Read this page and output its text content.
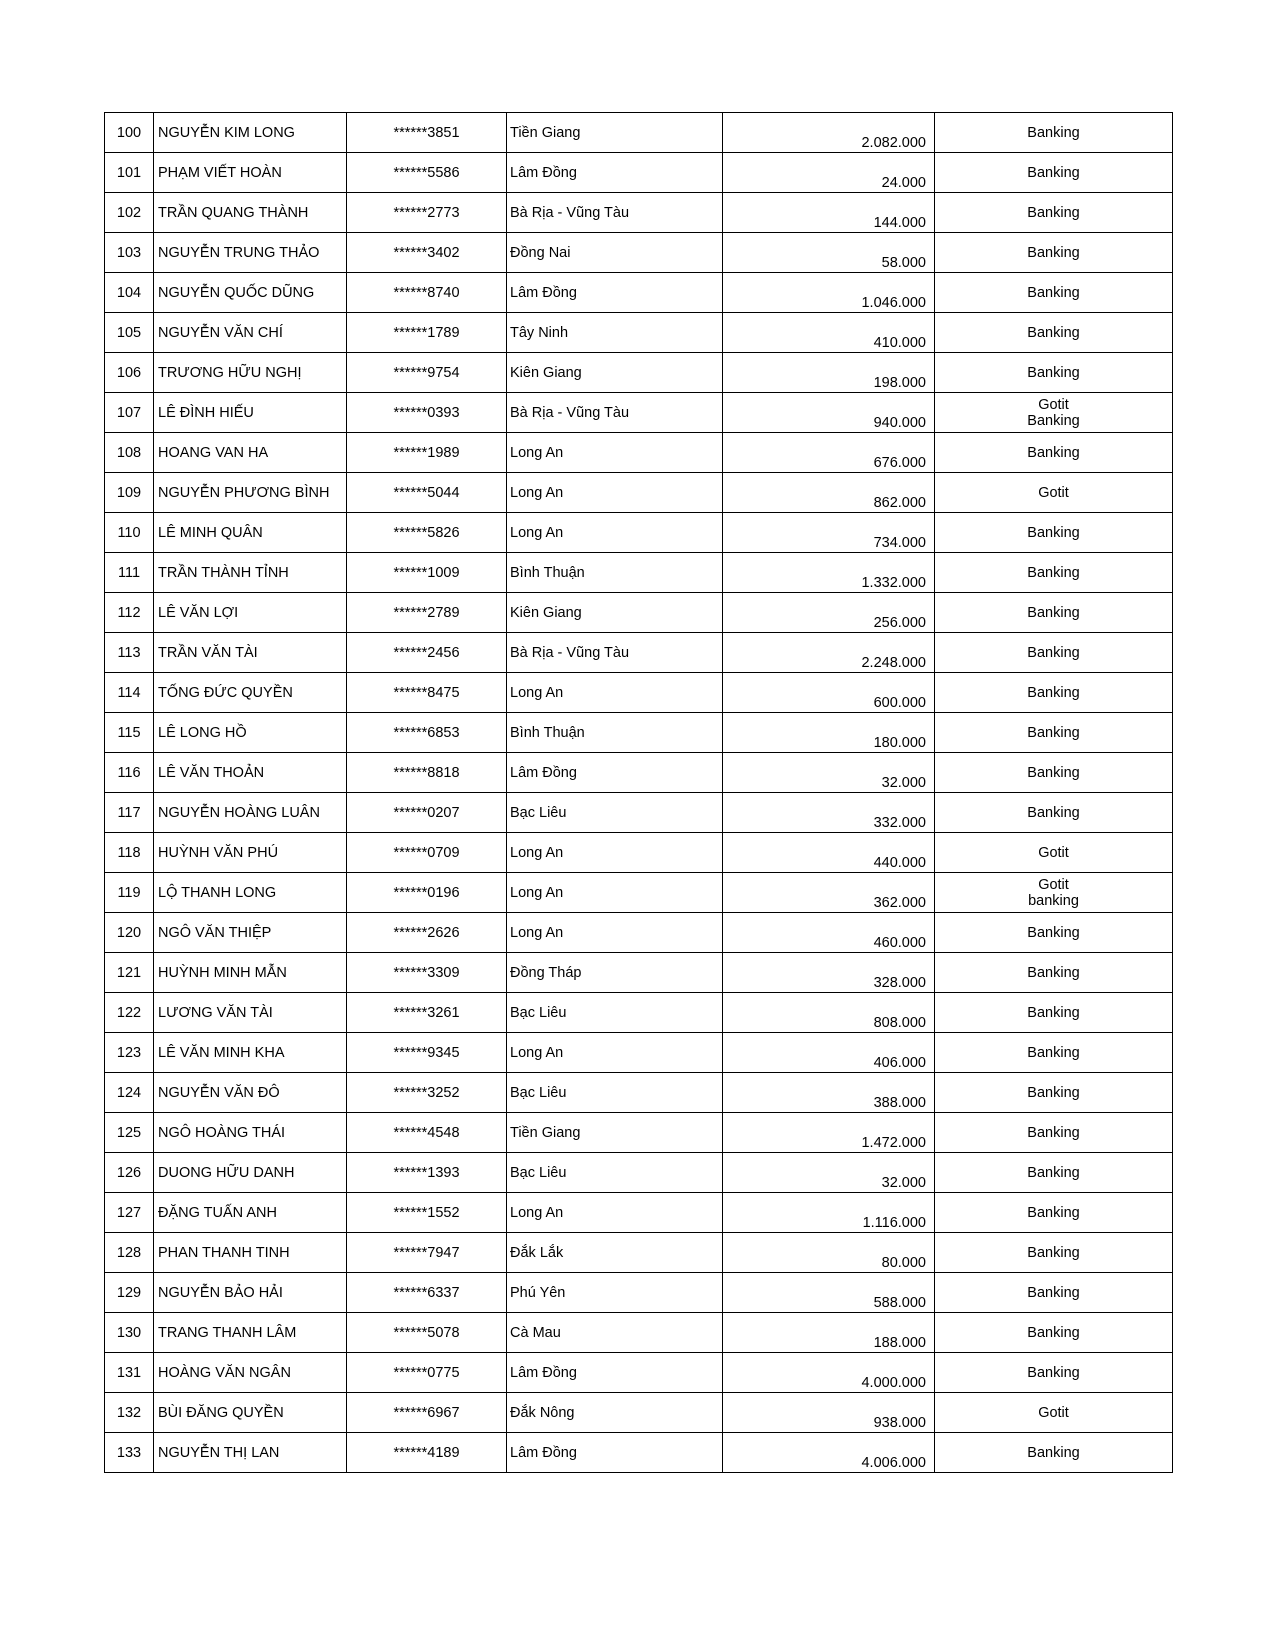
100	NGUYỄN KIM LONG	******3851	Tiền Giang	2.082.000	Banking

101	PHẠM VIẾT HOÀN	******5586	Lâm Đồng	24.000	Banking

102	TRẦN QUANG THÀNH	******2773	Bà Rịa - Vũng Tàu	144.000	Banking

103	NGUYỄN TRUNG THẢO	******3402	Đồng Nai	58.000	Banking

104	NGUYỄN QUỐC DŨNG	******8740	Lâm Đồng	1.046.000	Banking

105	NGUYỄN VĂN CHÍ	******1789	Tây Ninh	410.000	Banking

106	TRƯƠNG HỮU NGHỊ	******9754	Kiên Giang	198.000	Banking

107	LÊ ĐÌNH HIẾU	******0393	Bà Rịa - Vũng Tàu	940.000	Gotit
Banking

108	HOANG VAN HA	******1989	Long An	676.000	Banking

109	NGUYỄN PHƯƠNG BÌNH	******5044	Long An	862.000	Gotit

110	LÊ MINH QUÂN	******5826	Long An	734.000	Banking

111	TRẦN THÀNH TỈNH	******1009	Bình Thuận	1.332.000	Banking

112	LÊ VĂN LỢI	******2789	Kiên Giang	256.000	Banking

113	TRẦN VĂN TÀI	******2456	Bà Rịa - Vũng Tàu	2.248.000	Banking

114	TỐNG ĐỨC QUYỀN	******8475	Long An	600.000	Banking

115	LÊ LONG HỒ	******6853	Bình Thuận	180.000	Banking

116	LÊ VĂN THOẢN	******8818	Lâm Đồng	32.000	Banking

117	NGUYỄN HOÀNG LUÂN	******0207	Bạc Liêu	332.000	Banking

118	HUỲNH VĂN PHÚ	******0709	Long An	440.000	Gotit

119	LỘ THANH LONG	******0196	Long An	362.000	Gotit
banking

120	NGÔ VĂN THIỆP	******2626	Long An	460.000	Banking

121	HUỲNH MINH MẪN	******3309	Đồng Tháp	328.000	Banking

122	LƯƠNG VĂN TÀI	******3261	Bạc Liêu	808.000	Banking

123	LÊ VĂN MINH KHA	******9345	Long An	406.000	Banking

124	NGUYỄN VĂN ĐÔ	******3252	Bạc Liêu	388.000	Banking

125	NGÔ HOÀNG THÁI	******4548	Tiền Giang	1.472.000	Banking

126	DUONG HỮU DANH	******1393	Bạc Liêu	32.000	Banking

127	ĐẶNG TUẤN ANH	******1552	Long An	1.116.000	Banking

128	PHAN THANH TINH	******7947	Đắk Lắk	80.000	Banking

129	NGUYỄN BẢO HẢI	******6337	Phú Yên	588.000	Banking

130	TRANG THANH LÂM	******5078	Cà Mau	188.000	Banking

131	HOÀNG VĂN NGÂN	******0775	Lâm Đồng	4.000.000	Banking

132	BÙI ĐĂNG QUYỀN	******6967	Đắk Nông	938.000	Gotit

133	NGUYỄN THỊ LAN	******4189	Lâm Đồng	4.006.000	Banking
